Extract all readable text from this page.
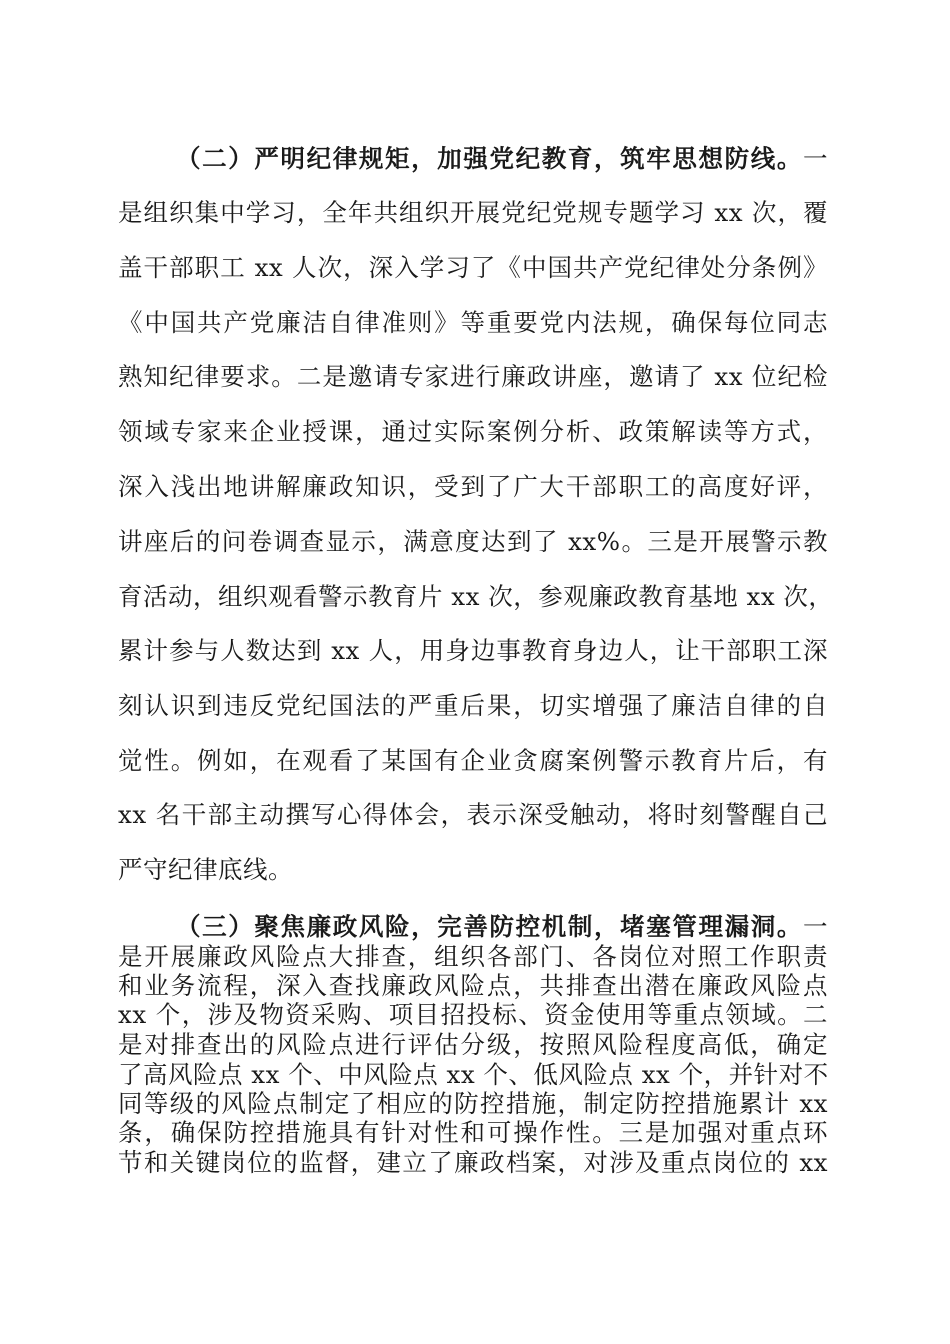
（二）严明纪律规矩，加强党纪教育，筑牢思想防线。一
是组织集中学习，全年共组织开展党纪党规专题学习 xx 次，覆
盖干部职工 xx 人次，深入学习了《中国共产党纪律处分条例》
《中国共产党廉洁自律准则》等重要党内法规，确保每位同志
熟知纪律要求。二是邀请专家进行廉政讲座，邀请了 xx 位纪检
领域专家来企业授课，通过实际案例分析、政策解读等方式，
深入浅出地讲解廉政知识，受到了广大干部职工的高度好评，
讲座后的问卷调查显示，满意度达到了 xx%。三是开展警示教
育活动，组织观看警示教育片 xx 次，参观廉政教育基地 xx 次，
累计参与人数达到 xx 人，用身边事教育身边人，让干部职工深
刻认识到违反党纪国法的严重后果，切实增强了廉洁自律的自
觉性。例如，在观看了某国有企业贪腐案例警示教育片后，有
xx 名干部主动撰写心得体会，表示深受触动，将时刻警醒自己
严守纪律底线。
（三）聚焦廉政风险，完善防控机制，堵塞管理漏洞。一
是开展廉政风险点大排查，组织各部门、各岗位对照工作职责
和业务流程，深入查找廉政风险点，共排查出潜在廉政风险点
xx 个，涉及物资采购、项目招投标、资金使用等重点领域。二
是对排查出的风险点进行评估分级，按照风险程度高低，确定
了高风险点 xx 个、中风险点 xx 个、低风险点 xx 个，并针对不
同等级的风险点制定了相应的防控措施，制定防控措施累计 xx
条，确保防控措施具有针对性和可操作性。三是加强对重点环
节和关键岗位的监督，建立了廉政档案，对涉及重点岗位的 xx
